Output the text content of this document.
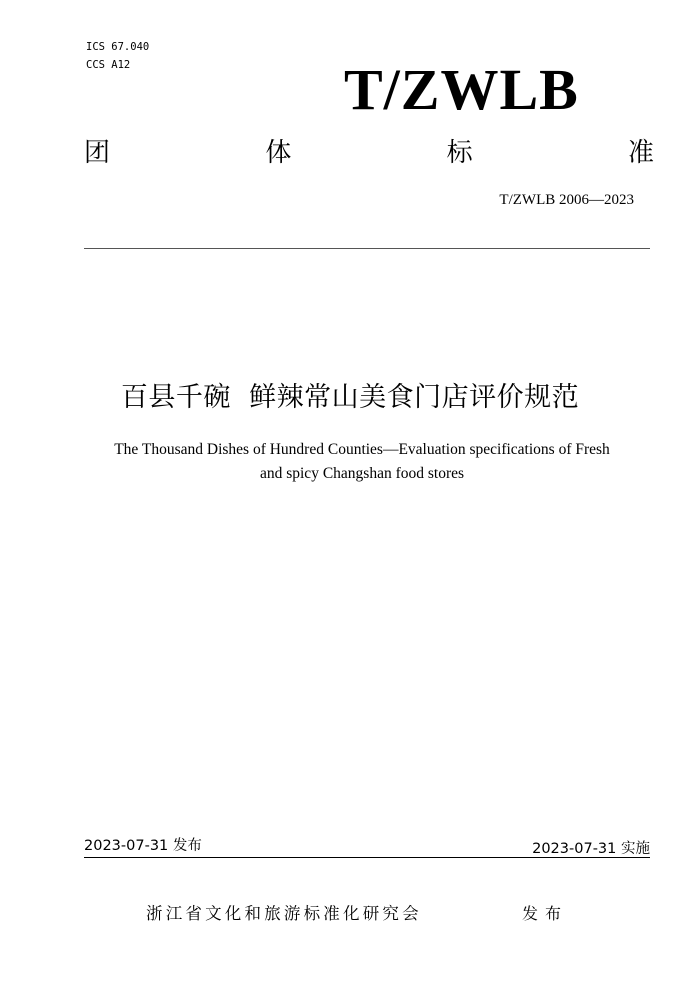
ICS 67.040
CCS A12	T/ZWLB
团	体	标	准
T/ZWLB 2006—2023
百县千碗  鲜辣常山美食门店评价规范
The Thousand Dishes of Hundred Counties—Evaluation specifications of Fresh
and spicy Changshan food stores
2023-07-31 发布	2023-07-31 实施
浙江省文化和旅游标准化研究会	发布
